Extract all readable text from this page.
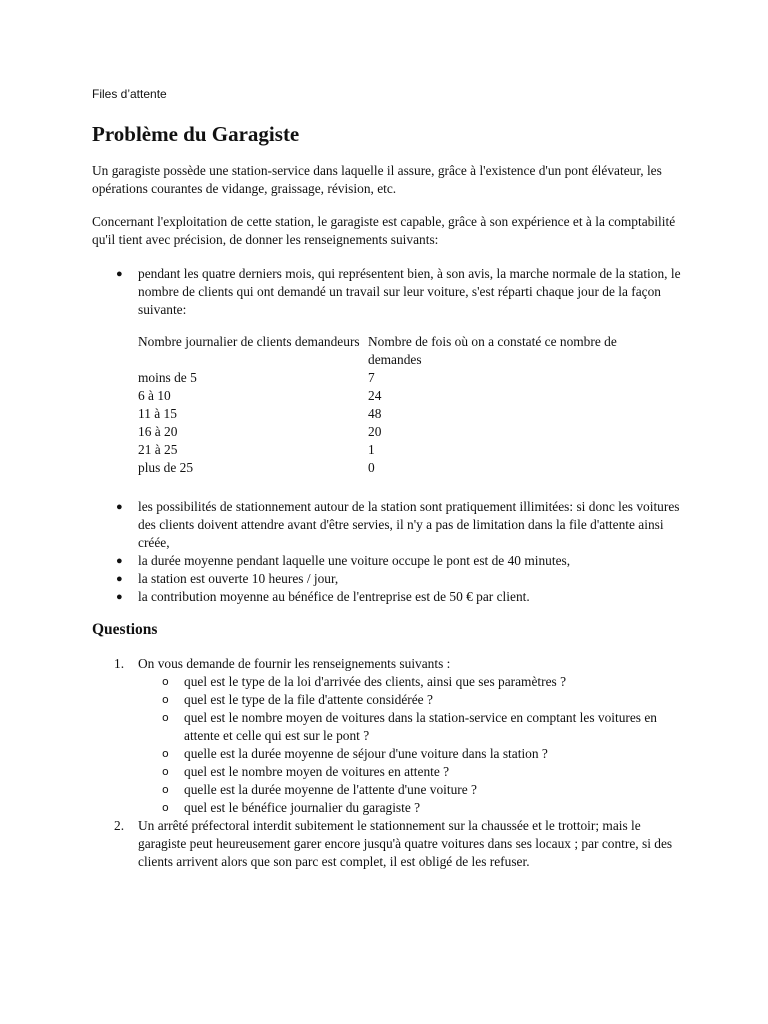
Files d’attente
Problème du Garagiste

Un garagiste possède une station-service dans laquelle il assure, grâce à l'existence d'un pont élévateur, les opérations courantes de vidange, graissage, révision, etc.

Concernant l'exploitation de cette station, le garagiste est capable, grâce à son expérience et à la comptabilité qu'il tient avec précision, de donner les renseignements suivants:

● pendant les quatre derniers mois, qui représentent bien, à son avis, la marche normale de la station, le nombre de clients qui ont demandé un travail sur leur voiture, s'est réparti chaque jour de la façon suivante:
Nombre journalier de clients demandeurs	Nombre de fois où on a constaté ce nombre de demandes
moins de 5	7
6 à 10	24
11 à 15	48
16 à 20	20
21 à 25	1
plus de 25	0
● les possibilités de stationnement autour de la station sont pratiquement illimitées: si donc les voitures des clients doivent attendre avant d'être servies, il n'y a pas de limitation dans la file d'attente ainsi créée,
● la durée moyenne pendant laquelle une voiture occupe le pont est de 40 minutes,
● la station est ouverte 10 heures / jour,
● la contribution moyenne au bénéfice de l'entreprise est de 50 € par client.
Questions
1. On vous demande de fournir les renseignements suivants :
o quel est le type de la loi d'arrivée des clients, ainsi que ses paramètres ?
o quel est le type de la file d'attente considérée ?
o quel est le nombre moyen de voitures dans la station-service en comptant les voitures en attente et celle qui est sur le pont ?
o quelle est la durée moyenne de séjour d'une voiture dans la station ?
o quel est le nombre moyen de voitures en attente ?
o quelle est la durée moyenne de l'attente d'une voiture ?
o quel est le bénéfice journalier du garagiste ?
2. Un arrêté préfectoral interdit subitement le stationnement sur la chaussée et le trottoir; mais le garagiste peut heureusement garer encore jusqu'à quatre voitures dans ses locaux ; par contre, si des clients arrivent alors que son parc est complet, il est obligé de les refuser.
